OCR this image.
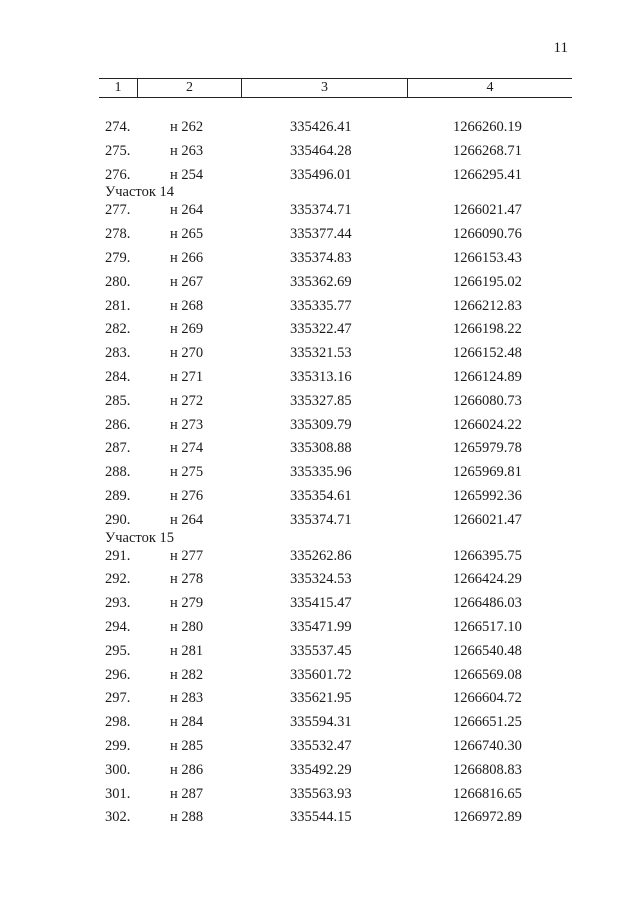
11
1	2	3	4
274.	н 262	335426.41	1266260.19
275.	н 263	335464.28	1266268.71
276.	н 254	335496.01	1266295.41
Участок 14
277.	н 264	335374.71	1266021.47
278.	н 265	335377.44	1266090.76
279.	н 266	335374.83	1266153.43
280.	н 267	335362.69	1266195.02
281.	н 268	335335.77	1266212.83
282.	н 269	335322.47	1266198.22
283.	н 270	335321.53	1266152.48
284.	н 271	335313.16	1266124.89
285.	н 272	335327.85	1266080.73
286.	н 273	335309.79	1266024.22
287.	н 274	335308.88	1265979.78
288.	н 275	335335.96	1265969.81
289.	н 276	335354.61	1265992.36
290.	н 264	335374.71	1266021.47
Участок 15
291.	н 277	335262.86	1266395.75
292.	н 278	335324.53	1266424.29
293.	н 279	335415.47	1266486.03
294.	н 280	335471.99	1266517.10
295.	н 281	335537.45	1266540.48
296.	н 282	335601.72	1266569.08
297.	н 283	335621.95	1266604.72
298.	н 284	335594.31	1266651.25
299.	н 285	335532.47	1266740.30
300.	н 286	335492.29	1266808.83
301.	н 287	335563.93	1266816.65
302.	н 288	335544.15	1266972.89
